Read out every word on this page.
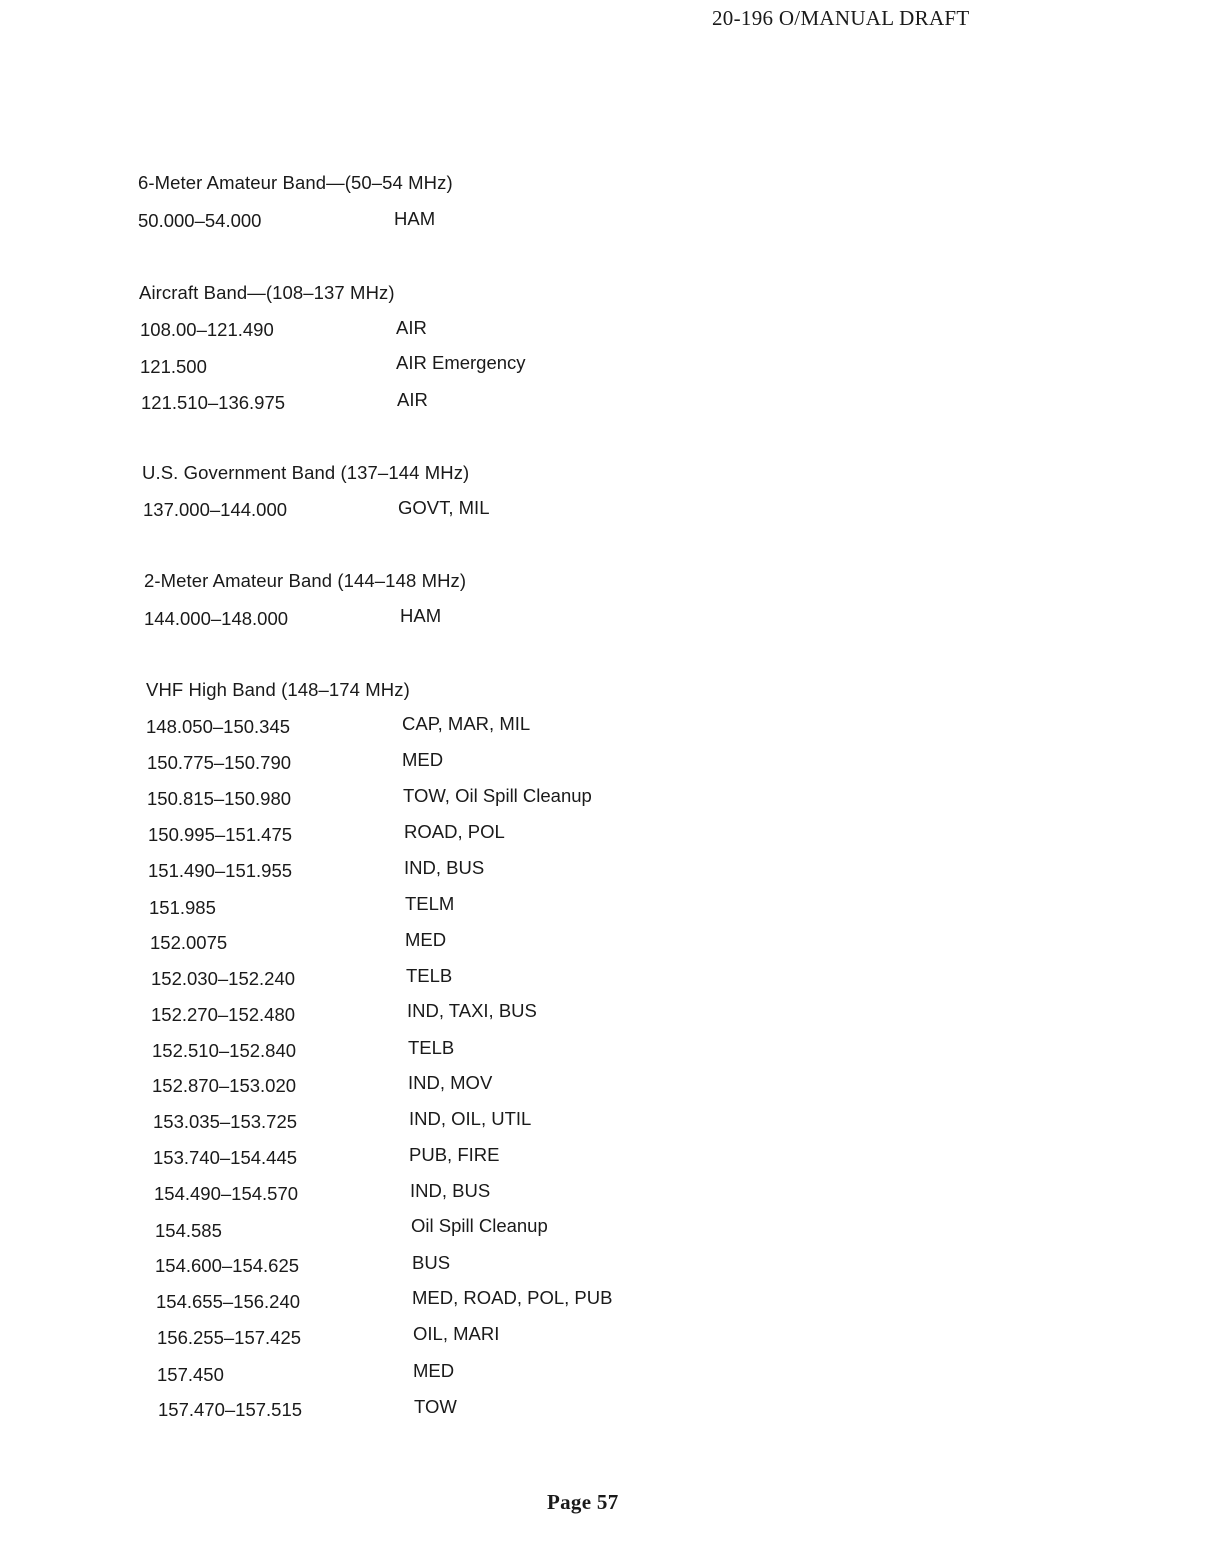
20-196 O/MANUAL DRAFT
6-Meter Amateur Band—(50–54 MHz)
50.000–54.000	HAM
Aircraft Band—(108–137 MHz)
108.00–121.490	AIR
121.500	AIR Emergency
121.510–136.975	AIR
U.S. Government Band (137–144 MHz)
137.000–144.000	GOVT, MIL
2-Meter Amateur Band (144–148 MHz)
144.000–148.000	HAM
VHF High Band (148–174 MHz)
148.050–150.345	CAP, MAR, MIL
150.775–150.790	MED
150.815–150.980	TOW, Oil Spill Cleanup
150.995–151.475	ROAD, POL
151.490–151.955	IND, BUS
151.985	TELM
152.0075	MED
152.030–152.240	TELB
152.270–152.480	IND, TAXI, BUS
152.510–152.840	TELB
152.870–153.020	IND, MOV
153.035–153.725	IND, OIL, UTIL
153.740–154.445	PUB, FIRE
154.490–154.570	IND, BUS
154.585	Oil Spill Cleanup
154.600–154.625	BUS
154.655–156.240	MED, ROAD, POL, PUB
156.255–157.425	OIL, MARI
157.450	MED
157.470–157.515	TOW
Page 57
